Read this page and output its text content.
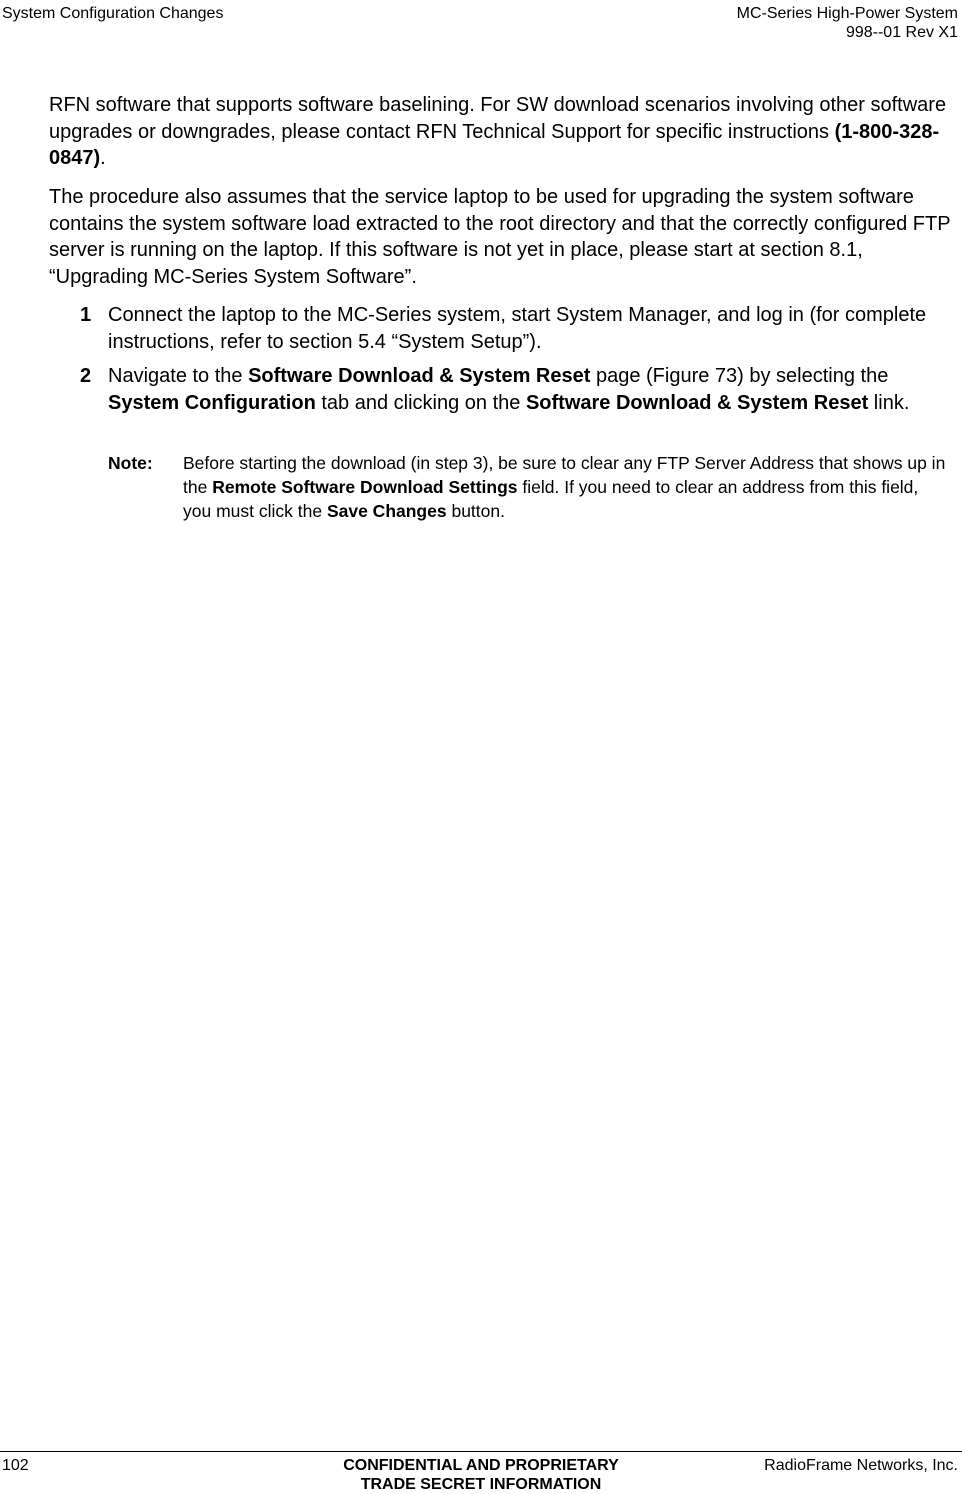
System Configuration Changes	MC-Series High-Power System
998--01 Rev X1

RFN software that supports software baselining. For SW download scenarios involving other software upgrades or downgrades, please contact RFN Technical Support for specific instructions (1-800-328-0847).

The procedure also assumes that the service laptop to be used for upgrading the system software contains the system software load extracted to the root directory and that the correctly configured FTP server is running on the laptop. If this software is not yet in place, please start at section 8.1, “Upgrading MC-Series System Software”.

1 Connect the laptop to the MC-Series system, start System Manager, and log in (for complete instructions, refer to section 5.4 “System Setup”).
2 Navigate to the Software Download & System Reset page (Figure 73) by selecting the System Configuration tab and clicking on the Software Download & System Reset link.
Note: Before starting the download (in step 3), be sure to clear any FTP Server Address that shows up in the Remote Software Download Settings field. If you need to clear an address from this field, you must click the Save Changes button.
102	CONFIDENTIAL AND PROPRIETARY
TRADE SECRET INFORMATION
RadioFrame Networks, Inc.
